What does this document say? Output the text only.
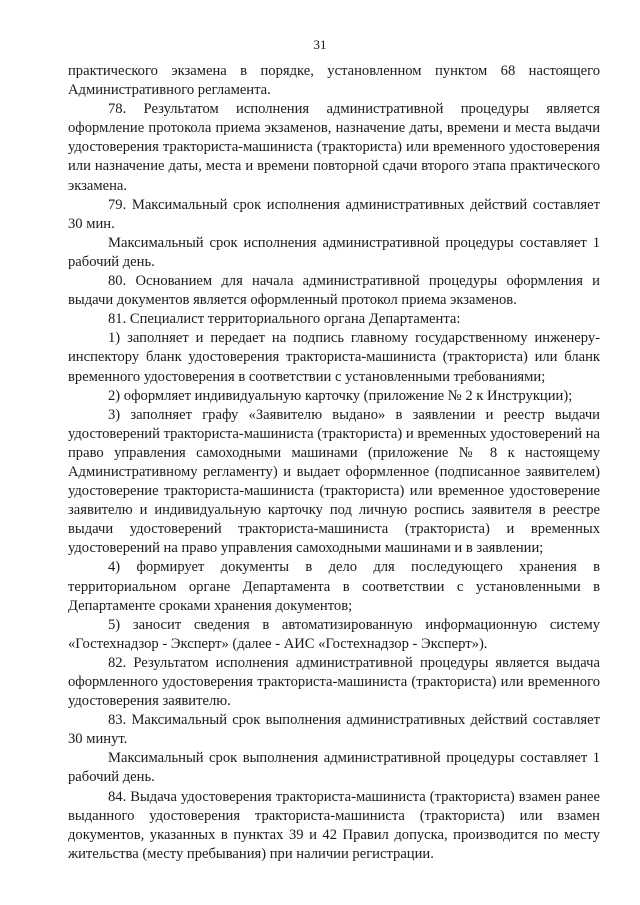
31

практического экзамена в порядке, установленном пунктом 68 настоящего Административного регламента.

78. Результатом исполнения административной процедуры является оформление протокола приема экзаменов, назначение даты, времени и места выдачи удостоверения тракториста-машиниста (тракториста) или временного удостоверения или назначение даты, места и времени повторной сдачи второго этапа практического экзамена.

79. Максимальный срок исполнения административных действий составляет 30 мин.

Максимальный срок исполнения административной процедуры составляет 1 рабочий день.

80. Основанием для начала административной процедуры оформления и выдачи документов является оформленный протокол приема экзаменов.

81. Специалист территориального органа Департамента:

1) заполняет и передает на подпись главному государственному инженеру-инспектору бланк удостоверения тракториста-машиниста (тракториста) или бланк временного удостоверения в соответствии с установленными требованиями;

2) оформляет индивидуальную карточку (приложение № 2 к Инструкции);

3) заполняет графу «Заявителю выдано» в заявлении и реестр выдачи удостоверений тракториста-машиниста (тракториста) и временных удостоверений на право управления самоходными машинами (приложение № 8 к настоящему Административному регламенту) и выдает оформленное (подписанное заявителем) удостоверение тракториста-машиниста (тракториста) или временное удостоверение заявителю и индивидуальную карточку под личную роспись заявителя в реестре выдачи удостоверений тракториста-машиниста (тракториста) и временных удостоверений на право управления самоходными машинами и в заявлении;

4) формирует документы в дело для последующего хранения в территориальном органе Департамента в соответствии с установленными в Департаменте сроками хранения документов;

5) заносит сведения в автоматизированную информационную систему «Гостехнадзор - Эксперт» (далее - АИС «Гостехнадзор - Эксперт»).

82. Результатом исполнения административной процедуры является выдача оформленного удостоверения тракториста-машиниста (тракториста) или временного удостоверения заявителю.

83. Максимальный срок выполнения административных действий составляет 30 минут.

Максимальный срок выполнения административной процедуры составляет 1 рабочий день.

84. Выдача удостоверения тракториста-машиниста (тракториста) взамен ранее выданного удостоверения тракториста-машиниста (тракториста) или взамен документов, указанных в пунктах 39 и 42 Правил допуска, производится по месту жительства (месту пребывания) при наличии регистрации.
